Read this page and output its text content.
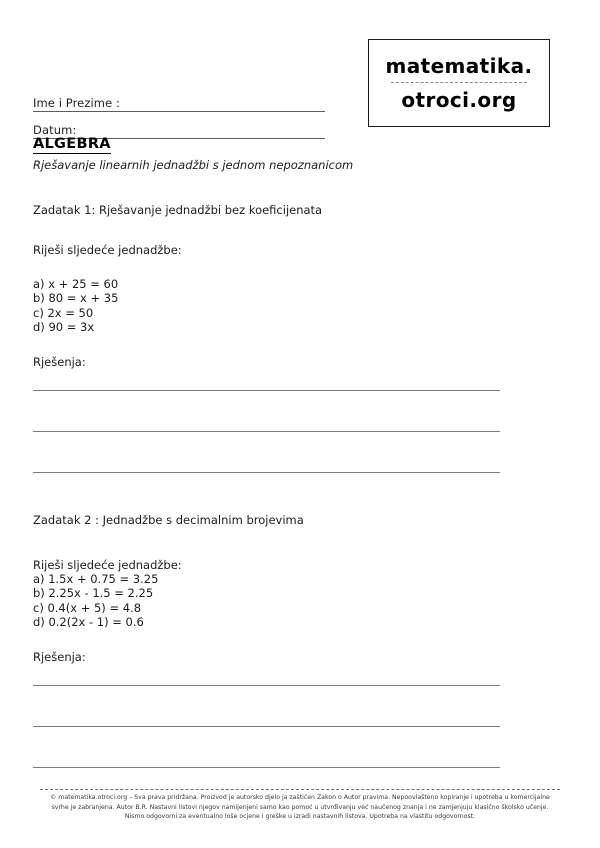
Ime i Prezime :
Datum:
matematika.
otroci.org
ALGEBRA
Rješavanje linearnih jednadžbi s jednom nepoznanicom
Zadatak 1: Rješavanje jednadžbi bez koeficijenata
Riješi sljedeće jednadžbe:
a) x + 25 = 60
b) 80 = x + 35
c) 2x = 50
d) 90 = 3x
Rješenja:
Zadatak 2 : Jednadžbe s decimalnim brojevima
Riješi sljedeće jednadžbe:
a) 1.5x + 0.75 = 3.25
b) 2.25x - 1.5 = 2.25
c) 0.4(x + 5) = 4.8
d) 0.2(2x - 1) = 0.6
Rješenja:

© matematika.otroci.org – Sva prava pridržana. Proizvod je autorsko djelo ja zaštićen Zakon o Autor pravima. Nepoovlašteno kopiranje i upotreba u komercijalne

svrhe je zabranjena. Autor B.R. Nastavni listovi njegov namijenjeni samo kao pomoć u utvrđivanju već naučenog znanja i ne zamjenjuju klasično školsko učenje.

Nismo odgovorni za eventualno loše ocjene i greške u izradi nastavnih listova. Upotreba na vlastitu odgovornost.
